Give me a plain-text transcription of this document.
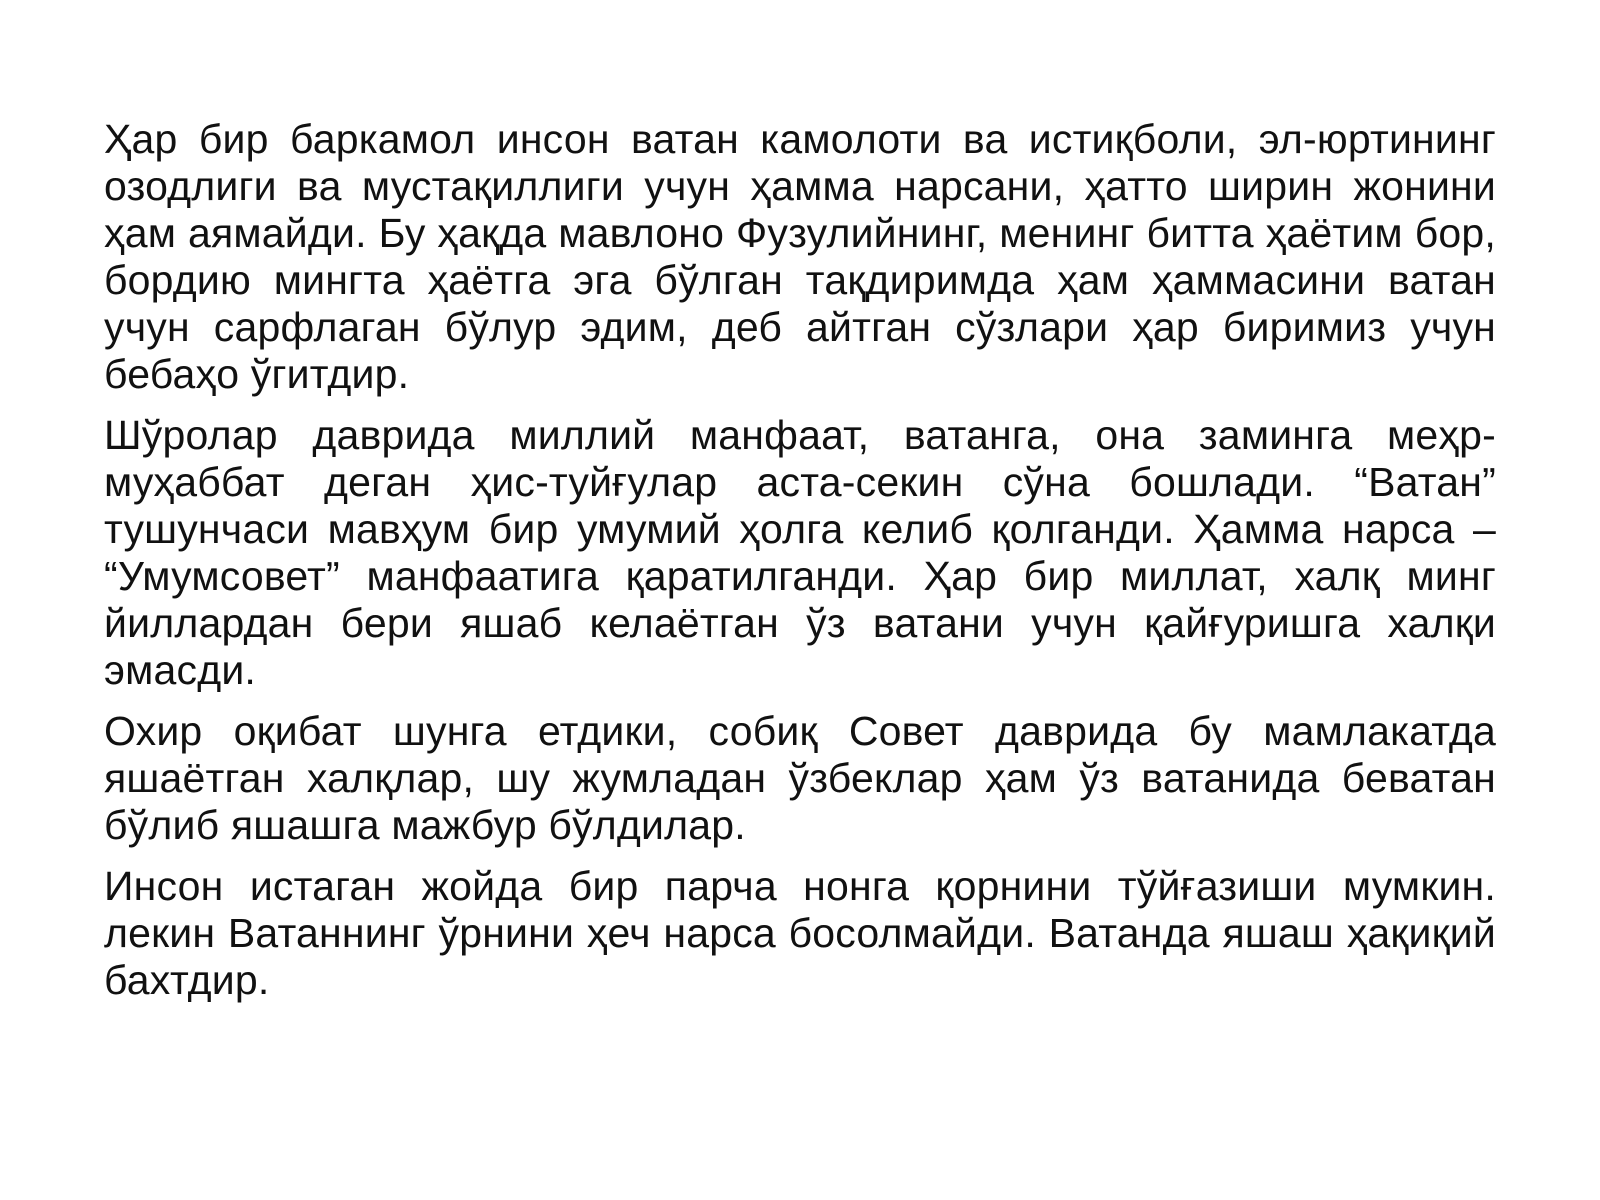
Ҳар бир баркамол инсон ватан камолоти ва истиқболи, эл-юртининг озодлиги ва мустақиллиги учун ҳамма нарсани, ҳатто ширин жонини ҳам аямайди. Бу ҳақда мавлоно Фузулийнинг, менинг битта ҳаётим бор, бордию мингта ҳаётга эга бўлган тақдиримда ҳам ҳаммасини ватан учун сарфлаган бўлур эдим, деб айтган сўзлари ҳар биримиз учун бебаҳо ўгитдир.

Шўролар даврида миллий манфаат, ватанга, она заминга меҳр-муҳаббат деган ҳис-туйғулар аста-секин сўна бошлади. “Ватан” тушунчаси мавҳум бир умумий ҳолга келиб қолганди. Ҳамма нарса – “Умумсовет” манфаатига қаратилганди. Ҳар бир миллат, халқ минг йиллардан бери яшаб келаётган ўз ватани учун қайғуришга халқи эмасди.

Охир оқибат шунга етдики, собиқ Совет даврида бу мамлакатда яшаётган халқлар, шу жумладан ўзбеклар ҳам ўз ватанида беватан бўлиб яшашга мажбур бўлдилар.

Инсон истаган жойда бир парча нонга қорнини тўйғазиши мумкин. лекин Ватаннинг ўрнини ҳеч нарса босолмайди. Ватанда яшаш ҳақиқий бахтдир.
